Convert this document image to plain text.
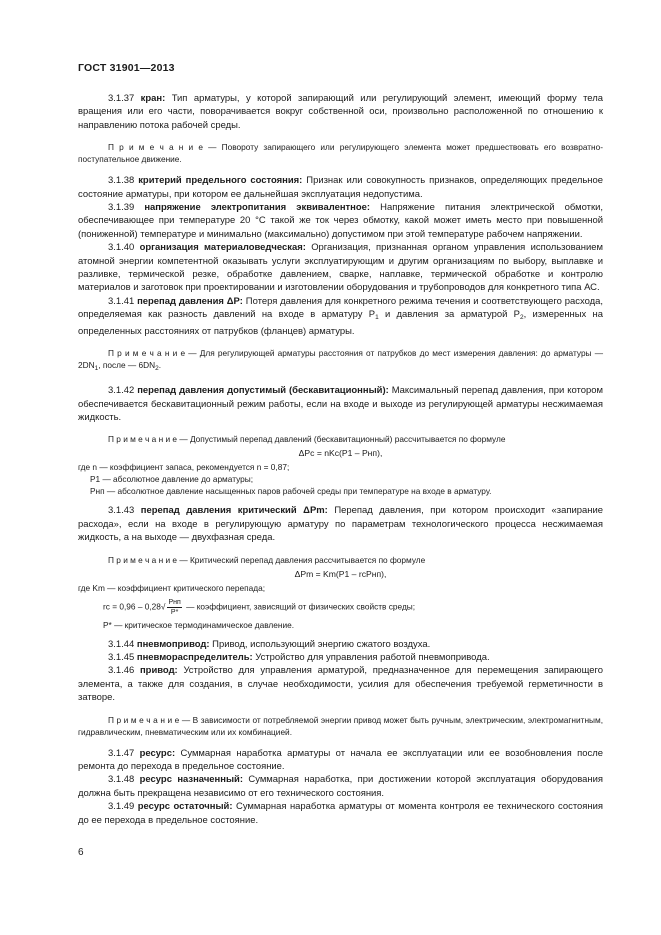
ГОСТ 31901—2013

3.1.37 кран: Тип арматуры, у которой запирающий или регулирующий элемент, имеющий форму тела вращения или его части, поворачивается вокруг собственной оси, произвольно расположенной по отношению к направлению потока рабочей среды.

П р и м е ч а н и е — Повороту запирающего или регулирующего элемента может предшествовать его возвратно-поступательное движение.

3.1.38 критерий предельного состояния: Признак или совокупность признаков, определяющих предельное состояние арматуры, при котором ее дальнейшая эксплуатация недопустима.

3.1.39 напряжение электропитания эквивалентное: Напряжение питания электрической обмотки, обеспечивающее при температуре 20 °С такой же ток через обмотку, какой может иметь место при повышенной (пониженной) температуре и минимально (максимально) допустимом при этой температуре рабочем напряжении.

3.1.40 организация материаловедческая: Организация, признанная органом управления использованием атомной энергии компетентной оказывать услуги эксплуатирующим и другим организациям по выбору, выплавке и разливке, термической резке, обработке давлением, сварке, наплавке, термической обработке и контролю материалов и заготовок при проектировании и изготовлении оборудования и трубопроводов для конкретного типа АС.

3.1.41 перепад давления ΔP: Потеря давления для конкретного режима течения и соответствующего расхода, определяемая как разность давлений на входе в арматуру $P_1$ и давления за арматурой $P_2$, измеренных на определенных расстояниях от патрубков (фланцев) арматуры.

П р и м е ч а н и е — Для регулирующей арматуры расстояния от патрубков до мест измерения давления: до арматуры — $2DN_1$, после — $6DN_2$.

3.1.42 перепад давления допустимый (бескавитационный): Максимальный перепад давления, при котором обеспечивается бескавитационный режим работы, если на входе и выходе из регулирующей арматуры несжимаемая жидкость.

П р и м е ч а н и е — Допустимый перепад давлений (бескавитационный) рассчитывается по формуле

ΔPс = nKс(P1 – Pнп),

где n — коэффициент запаса, рекомендуется n = 0,87;

P1 — абсолютное давление до арматуры;

Pнп — абсолютное давление насыщенных паров рабочей среды при температуре на входе в арматуру.

3.1.43 перепад давления критический ΔPm: Перепад давления, при котором происходит «запирание расхода», если на входе в регулирующую арматуру по параметрам технологического процесса несжимаемая жидкость, а на выходе — двухфазная среда.

П р и м е ч а н и е — Критический перепад давления рассчитывается по формуле

ΔPm = Km(P1 – rсPнп),

где Km — коэффициент критического перепада;

rс = $0,96 - 0,28√ \frac{\text{Pнп}}{P*}$ — коэффициент, зависящий от физических свойств среды;

P* — критическое термодинамическое давление.

3.1.44 пневмопривод: Привод, использующий энергию сжатого воздуха.

3.1.45 пневмораспределитель: Устройство для управления работой пневмопривода.

3.1.46 привод: Устройство для управления арматурой, предназначенное для перемещения запирающего элемента, а также для создания, в случае необходимости, усилия для обеспечения требуемой герметичности в затворе.

П р и м е ч а н и е — В зависимости от потребляемой энергии привод может быть ручным, электрическим, электромагнитным, гидравлическим, пневматическим или их комбинацией.

3.1.47 ресурс: Суммарная наработка арматуры от начала ее эксплуатации или ее возобновления после ремонта до перехода в предельное состояние.

3.1.48 ресурс назначенный: Суммарная наработка, при достижении которой эксплуатация оборудования должна быть прекращена независимо от его технического состояния.

3.1.49 ресурс остаточный: Суммарная наработка арматуры от момента контроля ее технического состояния до ее перехода в предельное состояние.

6
